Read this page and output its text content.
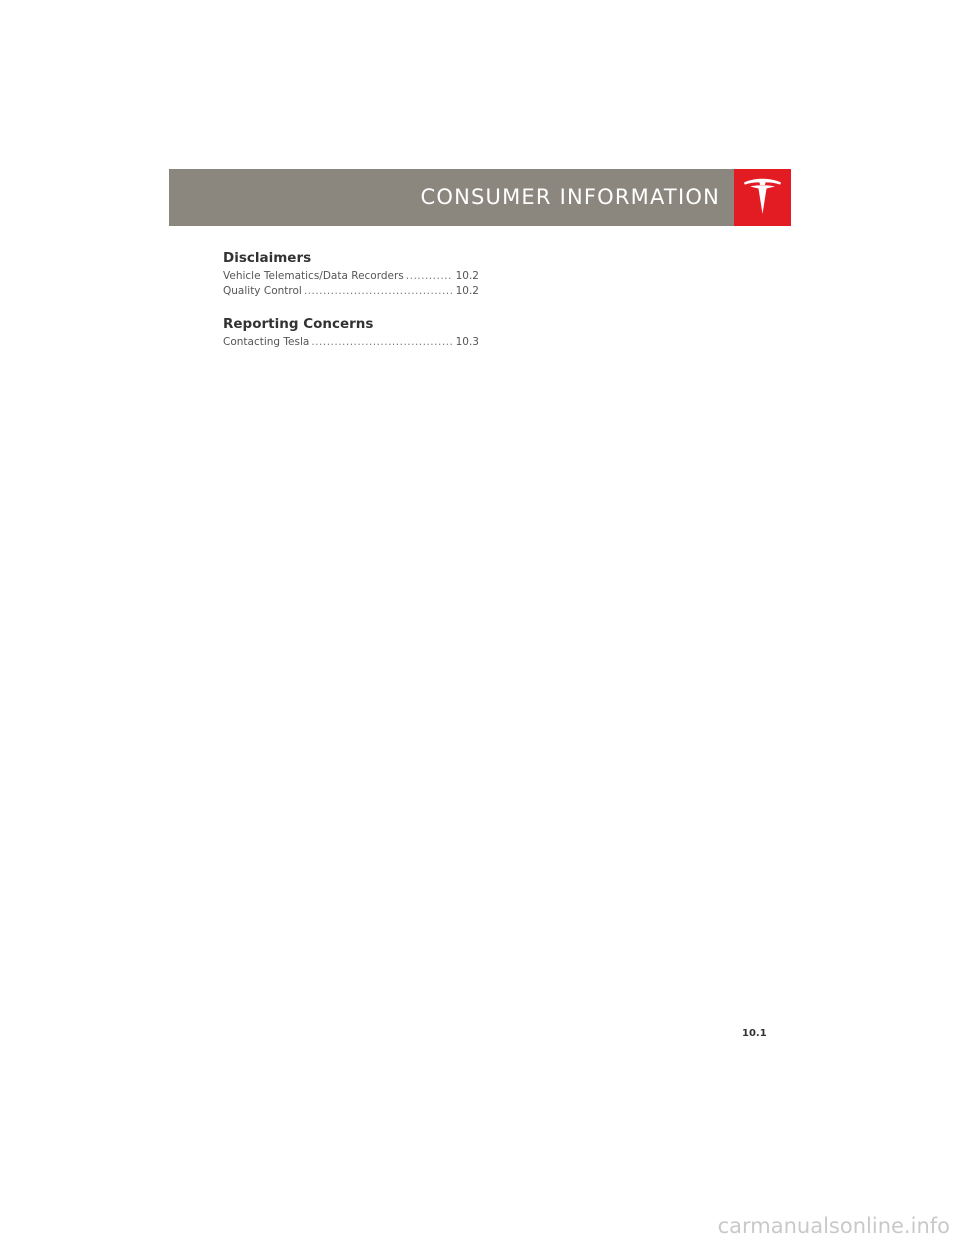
CONSUMER INFORMATION
Disclaimers
Vehicle Telematics/Data Recorders .....	10.2
Quality Control .....	10.2
Reporting Concerns
Contacting Tesla .....	10.3
10.1
carmanualsonline.info
